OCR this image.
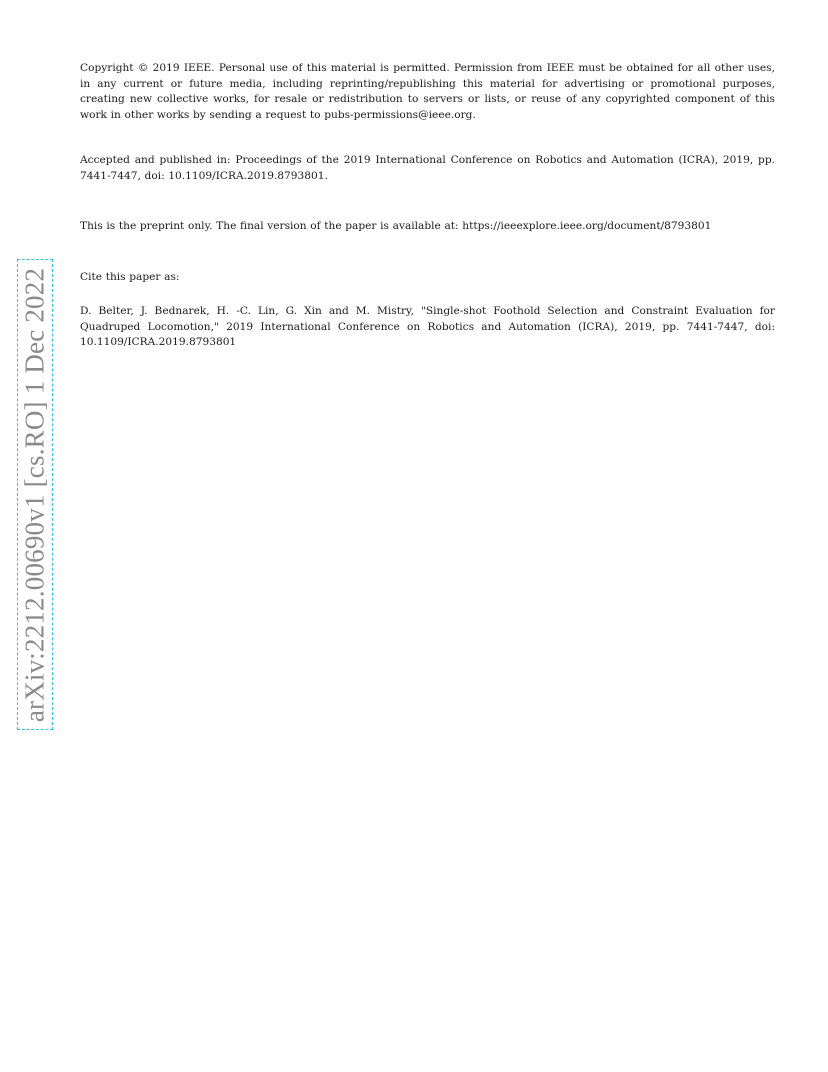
arXiv:2212.00690v1 [cs.RO] 1 Dec 2022

Copyright © 2019 IEEE. Personal use of this material is permitted. Permission from IEEE must be obtained for all other uses, in any current or future media, including reprinting/republishing this material for advertising or promotional purposes, creating new collective works, for resale or redistribution to servers or lists, or reuse of any copyrighted component of this work in other works by sending a request to pubs-permissions@ieee.org.

Accepted and published in: Proceedings of the 2019 International Conference on Robotics and Automation (ICRA), 2019, pp. 7441-7447, doi: 10.1109/ICRA.2019.8793801.

This is the preprint only. The final version of the paper is available at: https://ieeexplore.ieee.org/document/8793801

Cite this paper as:

D. Belter, J. Bednarek, H. -C. Lin, G. Xin and M. Mistry, "Single-shot Foothold Selection and Constraint Evaluation for Quadruped Locomotion," 2019 International Conference on Robotics and Automation (ICRA), 2019, pp. 7441-7447, doi: 10.1109/ICRA.2019.8793801
